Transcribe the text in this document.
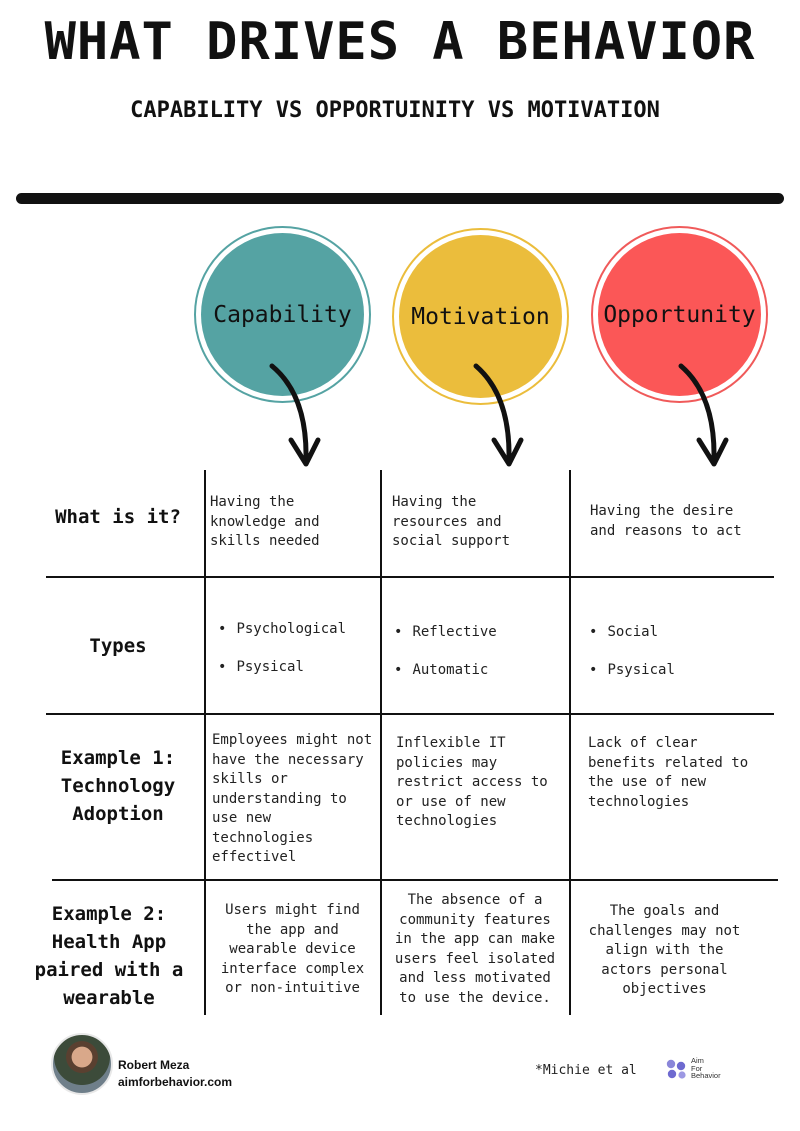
WHAT DRIVES A BEHAVIOR
CAPABILITY VS OPPORTUINITY VS MOTIVATION
Capability	Motivation Opportunity
What is it?
Types
Example 1:
Technology
Adoption
Example 2:
Health App
paired with a
wearable
Having the
knowledge and
skills needed
Having the
resources and
social support
Having the desire
and reasons to act
• Psychological
• Psysical
• Reflective
• Automatic
• Social
• Psysical
Employees might not
have the necessary
skills or
understanding to
use new
technologies
effectivel
Inflexible IT
policies may
restrict access to
or use of new
technologies
Lack of clear
benefits related to
the use of new
technologies
Users might find
the app and
wearable device
interface complex
or non-intuitive
The absence of a
community features
in the app can make
users feel isolated
and less motivated
to use the device.
The goals and
challenges may not
align with the
actors personal
objectives
Robert Meza
aimforbehavior.com
*Michie et al
Aim
For
Behavior
